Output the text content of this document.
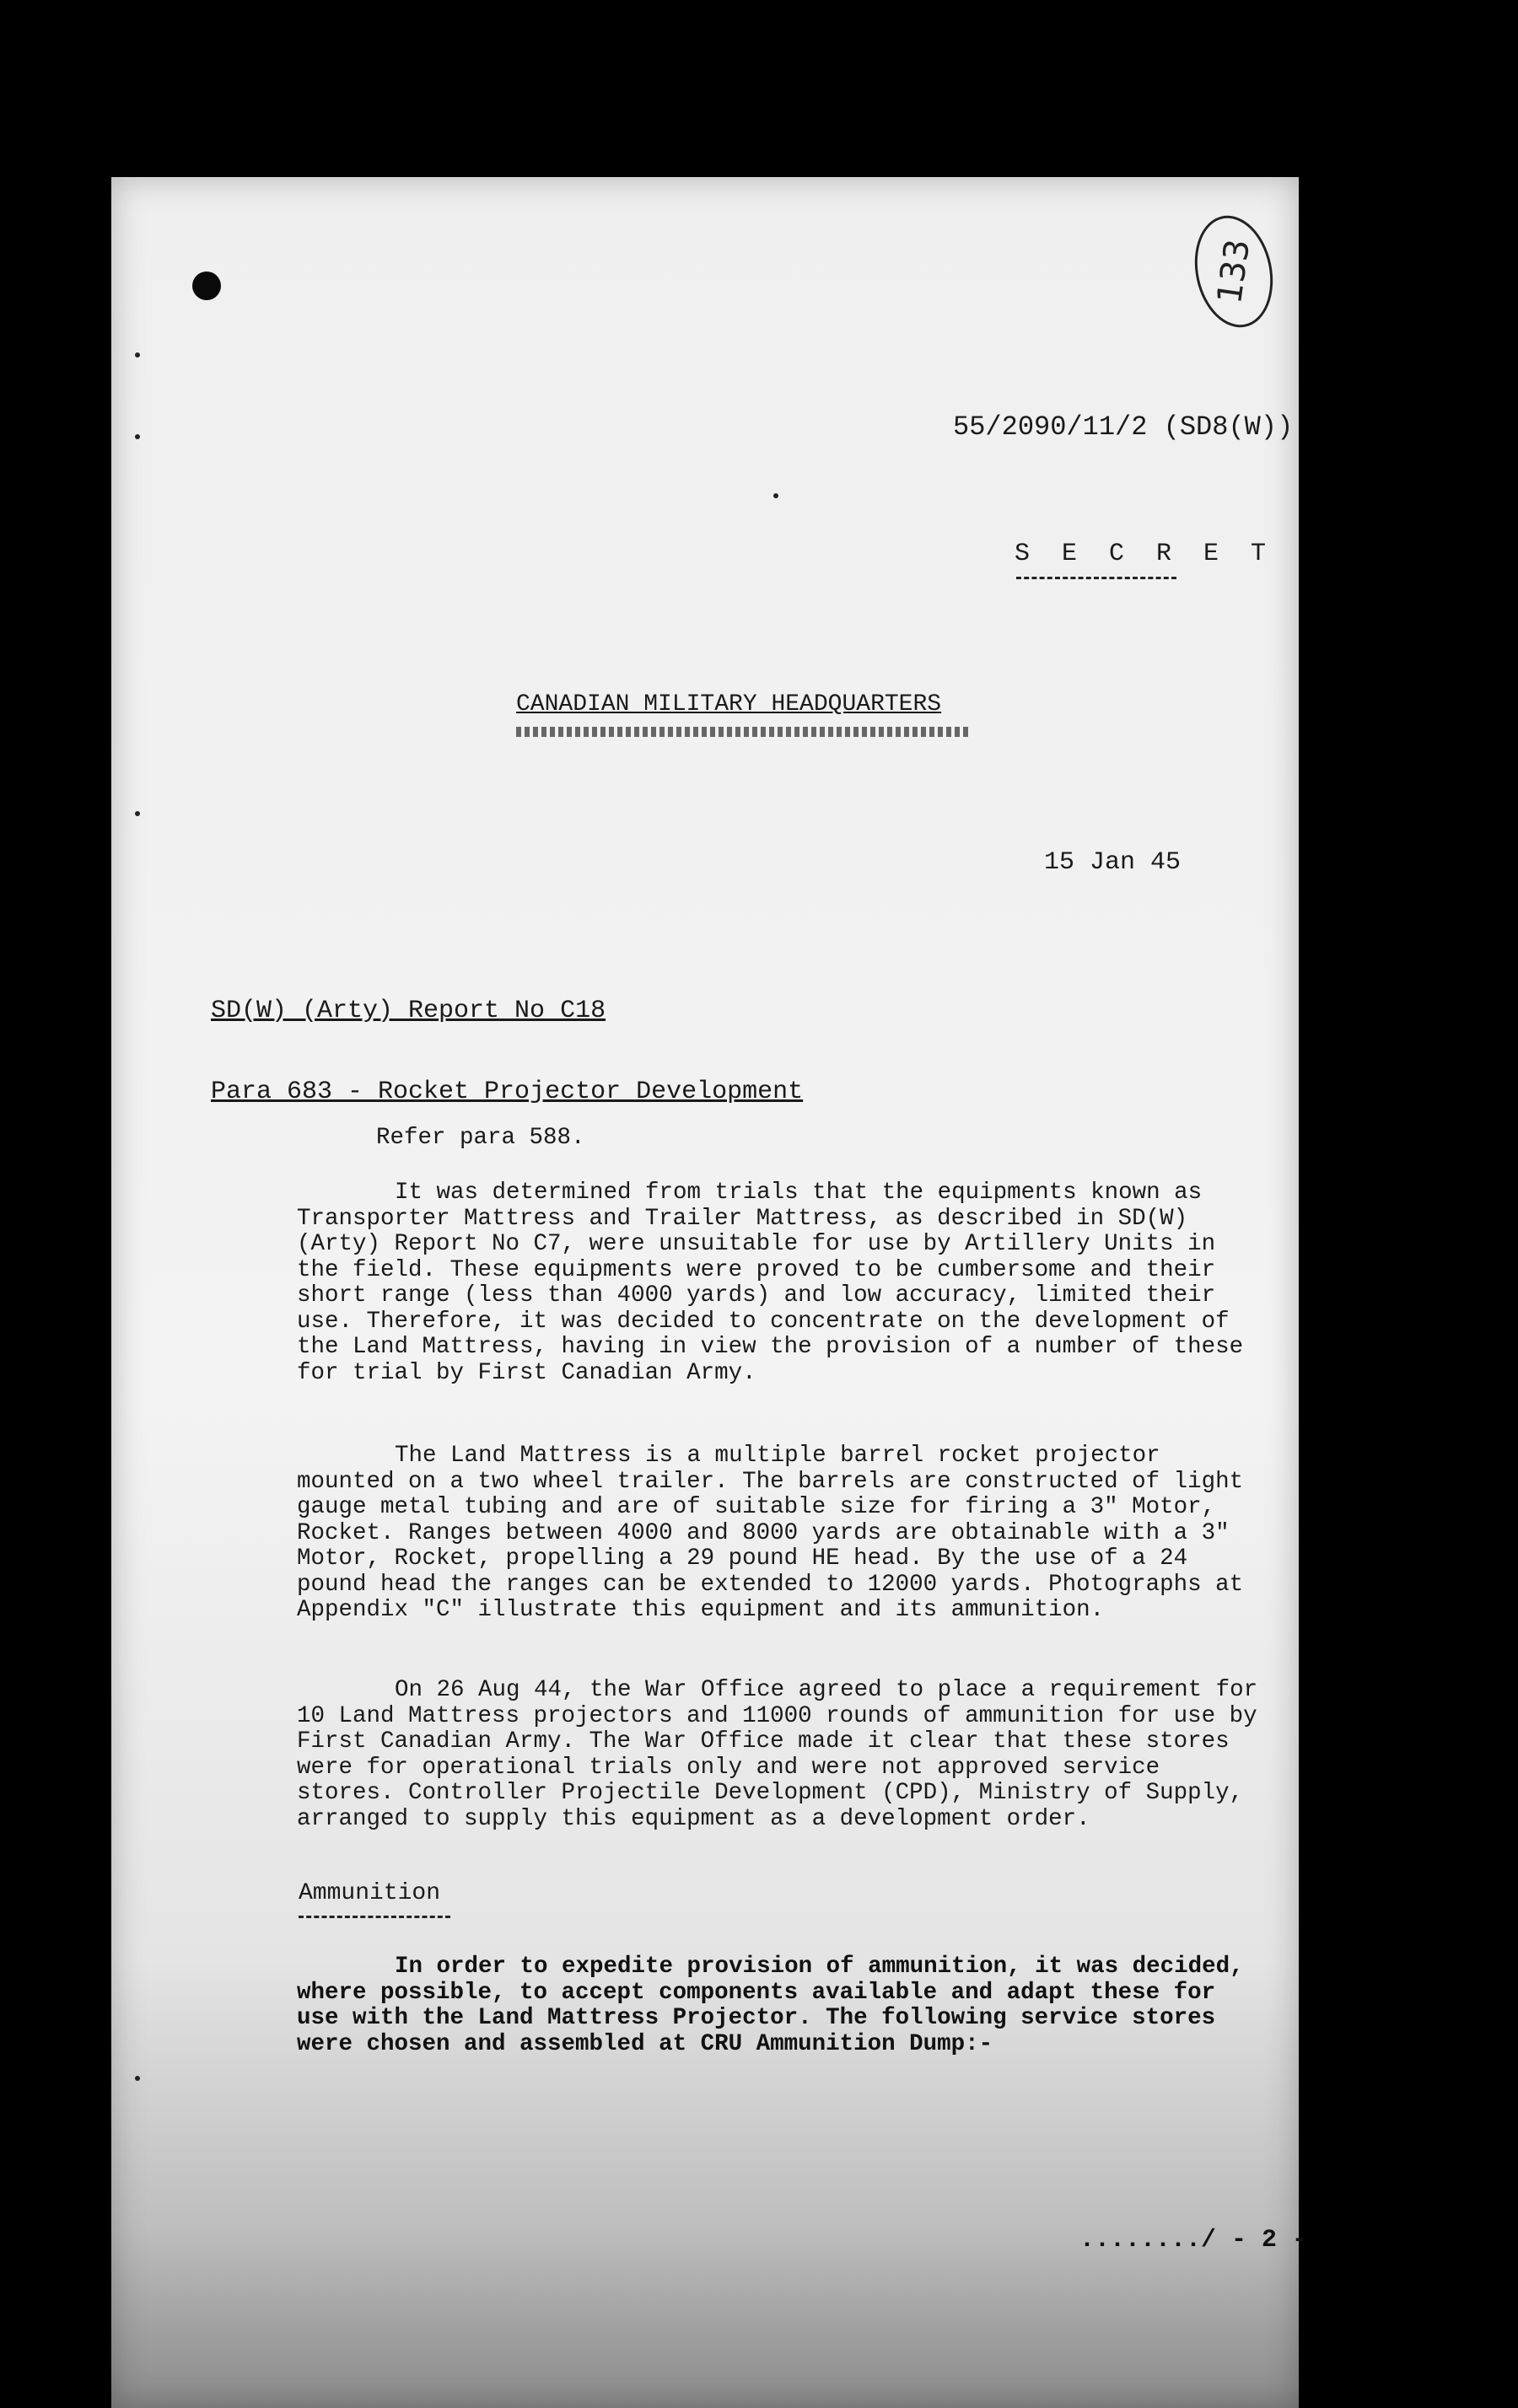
133
55/2090/11/2 (SD8(W))
S E C R E T
CANADIAN MILITARY HEADQUARTERS
15 Jan 45
SD(W) (Arty) Report No C18
Para 683 - Rocket Projector Development

Refer para 588.

It was determined from trials that the equipments known as Transporter Mattress and Trailer Mattress, as described in SD(W) (Arty) Report No C7, were unsuitable for use by Artillery Units in the field. These equipments were proved to be cumbersome and their short range (less than 4000 yards) and low accuracy, limited their use. Therefore, it was decided to concentrate on the development of the Land Mattress, having in view the provision of a number of these for trial by First Canadian Army.

The Land Mattress is a multiple barrel rocket projector mounted on a two wheel trailer. The barrels are constructed of light gauge metal tubing and are of suitable size for firing a 3" Motor, Rocket. Ranges between 4000 and 8000 yards are obtainable with a 3" Motor, Rocket, propelling a 29 pound HE head. By the use of a 24 pound head the ranges can be extended to 12000 yards. Photographs at Appendix "C" illustrate this equipment and its ammunition.

On 26 Aug 44, the War Office agreed to place a requirement for 10 Land Mattress projectors and 11000 rounds of ammunition for use by First Canadian Army. The War Office made it clear that these stores were for operational trials only and were not approved service stores. Controller Projectile Development (CPD), Ministry of Supply, arranged to supply this equipment as a development order.

Ammunition

In order to expedite provision of ammunition, it was decided, where possible, to accept components available and adapt these for use with the Land Mattress Projector. The following service stores were chosen and assembled at CRU Ammunition Dump:-

......../ - 2 -
